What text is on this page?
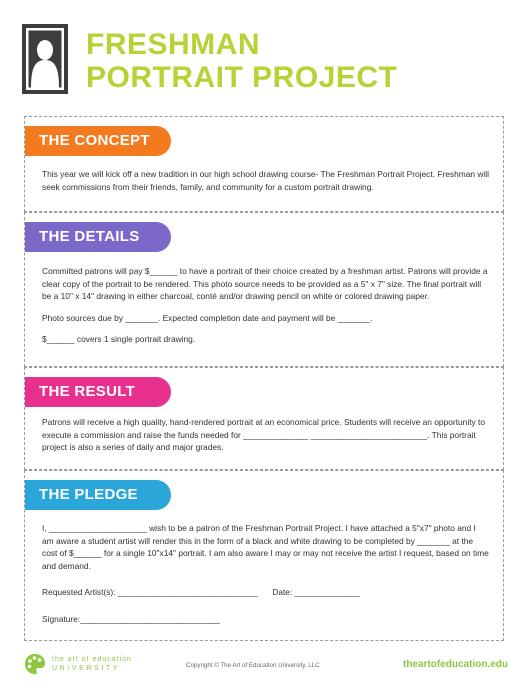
FRESHMAN
PORTRAIT PROJECT
THE CONCEPT

This year we will kick off a new tradition in our high school drawing course- The Freshman Portrait Project. Freshman will seek commissions from their friends, family, and community for a custom portrait drawing.

THE DETAILS

Committed patrons will pay $______ to have a portrait of their choice created by a freshman artist. Patrons will provide a clear copy of the portrait to be rendered. This photo source needs to be provided as a 5" x 7" size. The final portrait will be a 10" x 14" drawing in either charcoal, conté and/or drawing pencil on white or colored drawing paper.

Photo sources due by _______. Expected completion date and payment will be _______.

$______ covers 1 single portrait drawing.

THE RESULT

Patrons will receive a high quality, hand-rendered portrait at an economical price. Students will receive an opportunity to execute a commission and raise the funds needed for ______________ _________________________. This portrait project is also a series of daily and major grades.

THE PLEDGE

I, _____________________ wish to be a patron of the Freshman Portrait Project. I have attached a 5"x7" photo and I am aware a student artist will render this in the form of a black and white drawing to be completed by _______ at the cost of $______ for a single 10"x14" portrait. I am also aware I may or may not receive the artist I request, based on time and demand.

Requested Artist(s): ______________________________ Date: ______________

Signature:______________________________

the art of education
UNIVERSITY	Copyright © The Art of Education University, LLC	theartofeducation.edu
